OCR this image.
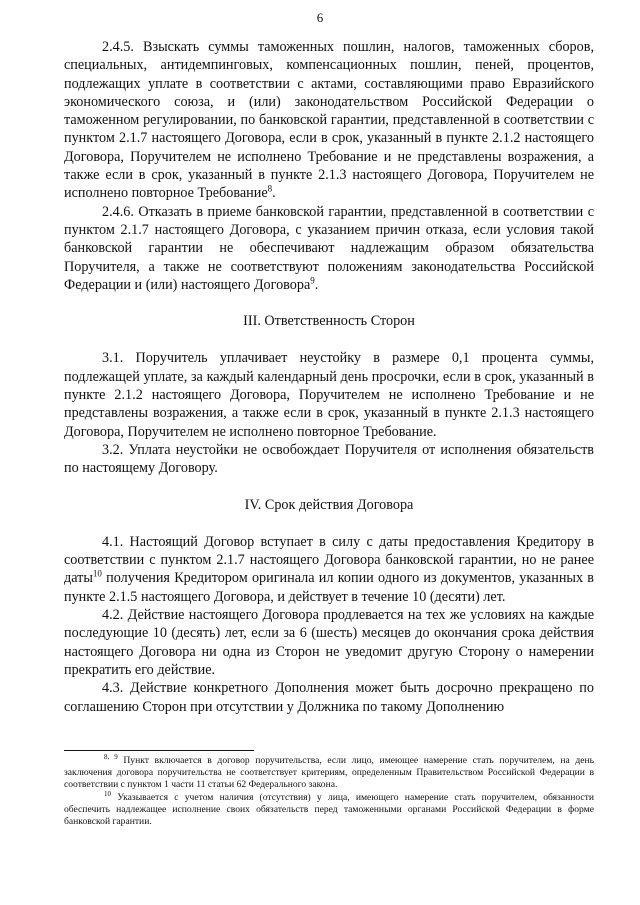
6

2.4.5. Взыскать суммы таможенных пошлин, налогов, таможенных сборов, специальных, антидемпинговых, компенсационных пошлин, пеней, процентов, подлежащих уплате в соответствии с актами, составляющими право Евразийского экономического союза, и (или) законодательством Российской Федерации о таможенном регулировании, по банковской гарантии, представленной в соответствии с пунктом 2.1.7 настоящего Договора, если в срок, указанный в пункте 2.1.2 настоящего Договора, Поручителем не исполнено Требование и не представлены возражения, а также если в срок, указанный в пункте 2.1.3 настоящего Договора, Поручителем не исполнено повторное Требование$^8$.

2.4.6. Отказать в приеме банковской гарантии, представленной в соответствии с пунктом 2.1.7 настоящего Договора, с указанием причин отказа, если условия такой банковской гарантии не обеспечивают надлежащим образом обязательства Поручителя, а также не соответствуют положениям законодательства Российской Федерации и (или) настоящего Договора$^9$.

III. Ответственность Сторон

3.1. Поручитель уплачивает неустойку в размере 0,1 процента суммы, подлежащей уплате, за каждый календарный день просрочки, если в срок, указанный в пункте 2.1.2 настоящего Договора, Поручителем не исполнено Требование и не представлены возражения, а также если в срок, указанный в пункте 2.1.3 настоящего Договора, Поручителем не исполнено повторное Требование.

3.2. Уплата неустойки не освобождает Поручителя от исполнения обязательств по настоящему Договору.

IV. Срок действия Договора

4.1. Настоящий Договор вступает в силу с даты предоставления Кредитору в соответствии с пунктом 2.1.7 настоящего Договора банковской гарантии, но не ранее даты$^{10}$ получения Кредитором оригинала ил копии одного из документов, указанных в пункте 2.1.5 настоящего Договора, и действует в течение 10 (десяти) лет.

4.2. Действие настоящего Договора продлевается на тех же условиях на каждые последующие 10 (десять) лет, если за 6 (шесть) месяцев до окончания срока действия настоящего Договора ни одна из Сторон не уведомит другую Сторону о намерении прекратить его действие.

4.3. Действие конкретного Дополнения может быть досрочно прекращено по соглашению Сторон при отсутствии у Должника по такому Дополнению

$^{8, 9}$ Пункт включается в договор поручительства, если лицо, имеющее намерение стать поручителем, на день заключения договора поручительства не соответствует критериям, определенным Правительством Российской Федерации в соответствии с пунктом 1 части 11 статьи 62 Федерального закона.

$^{10}$ Указывается с учетом наличия (отсутствия) у лица, имеющего намерение стать поручителем, обязанности обеспечить надлежащее исполнение своих обязательств перед таможенными органами Российской Федерации в форме банковской гарантии.
